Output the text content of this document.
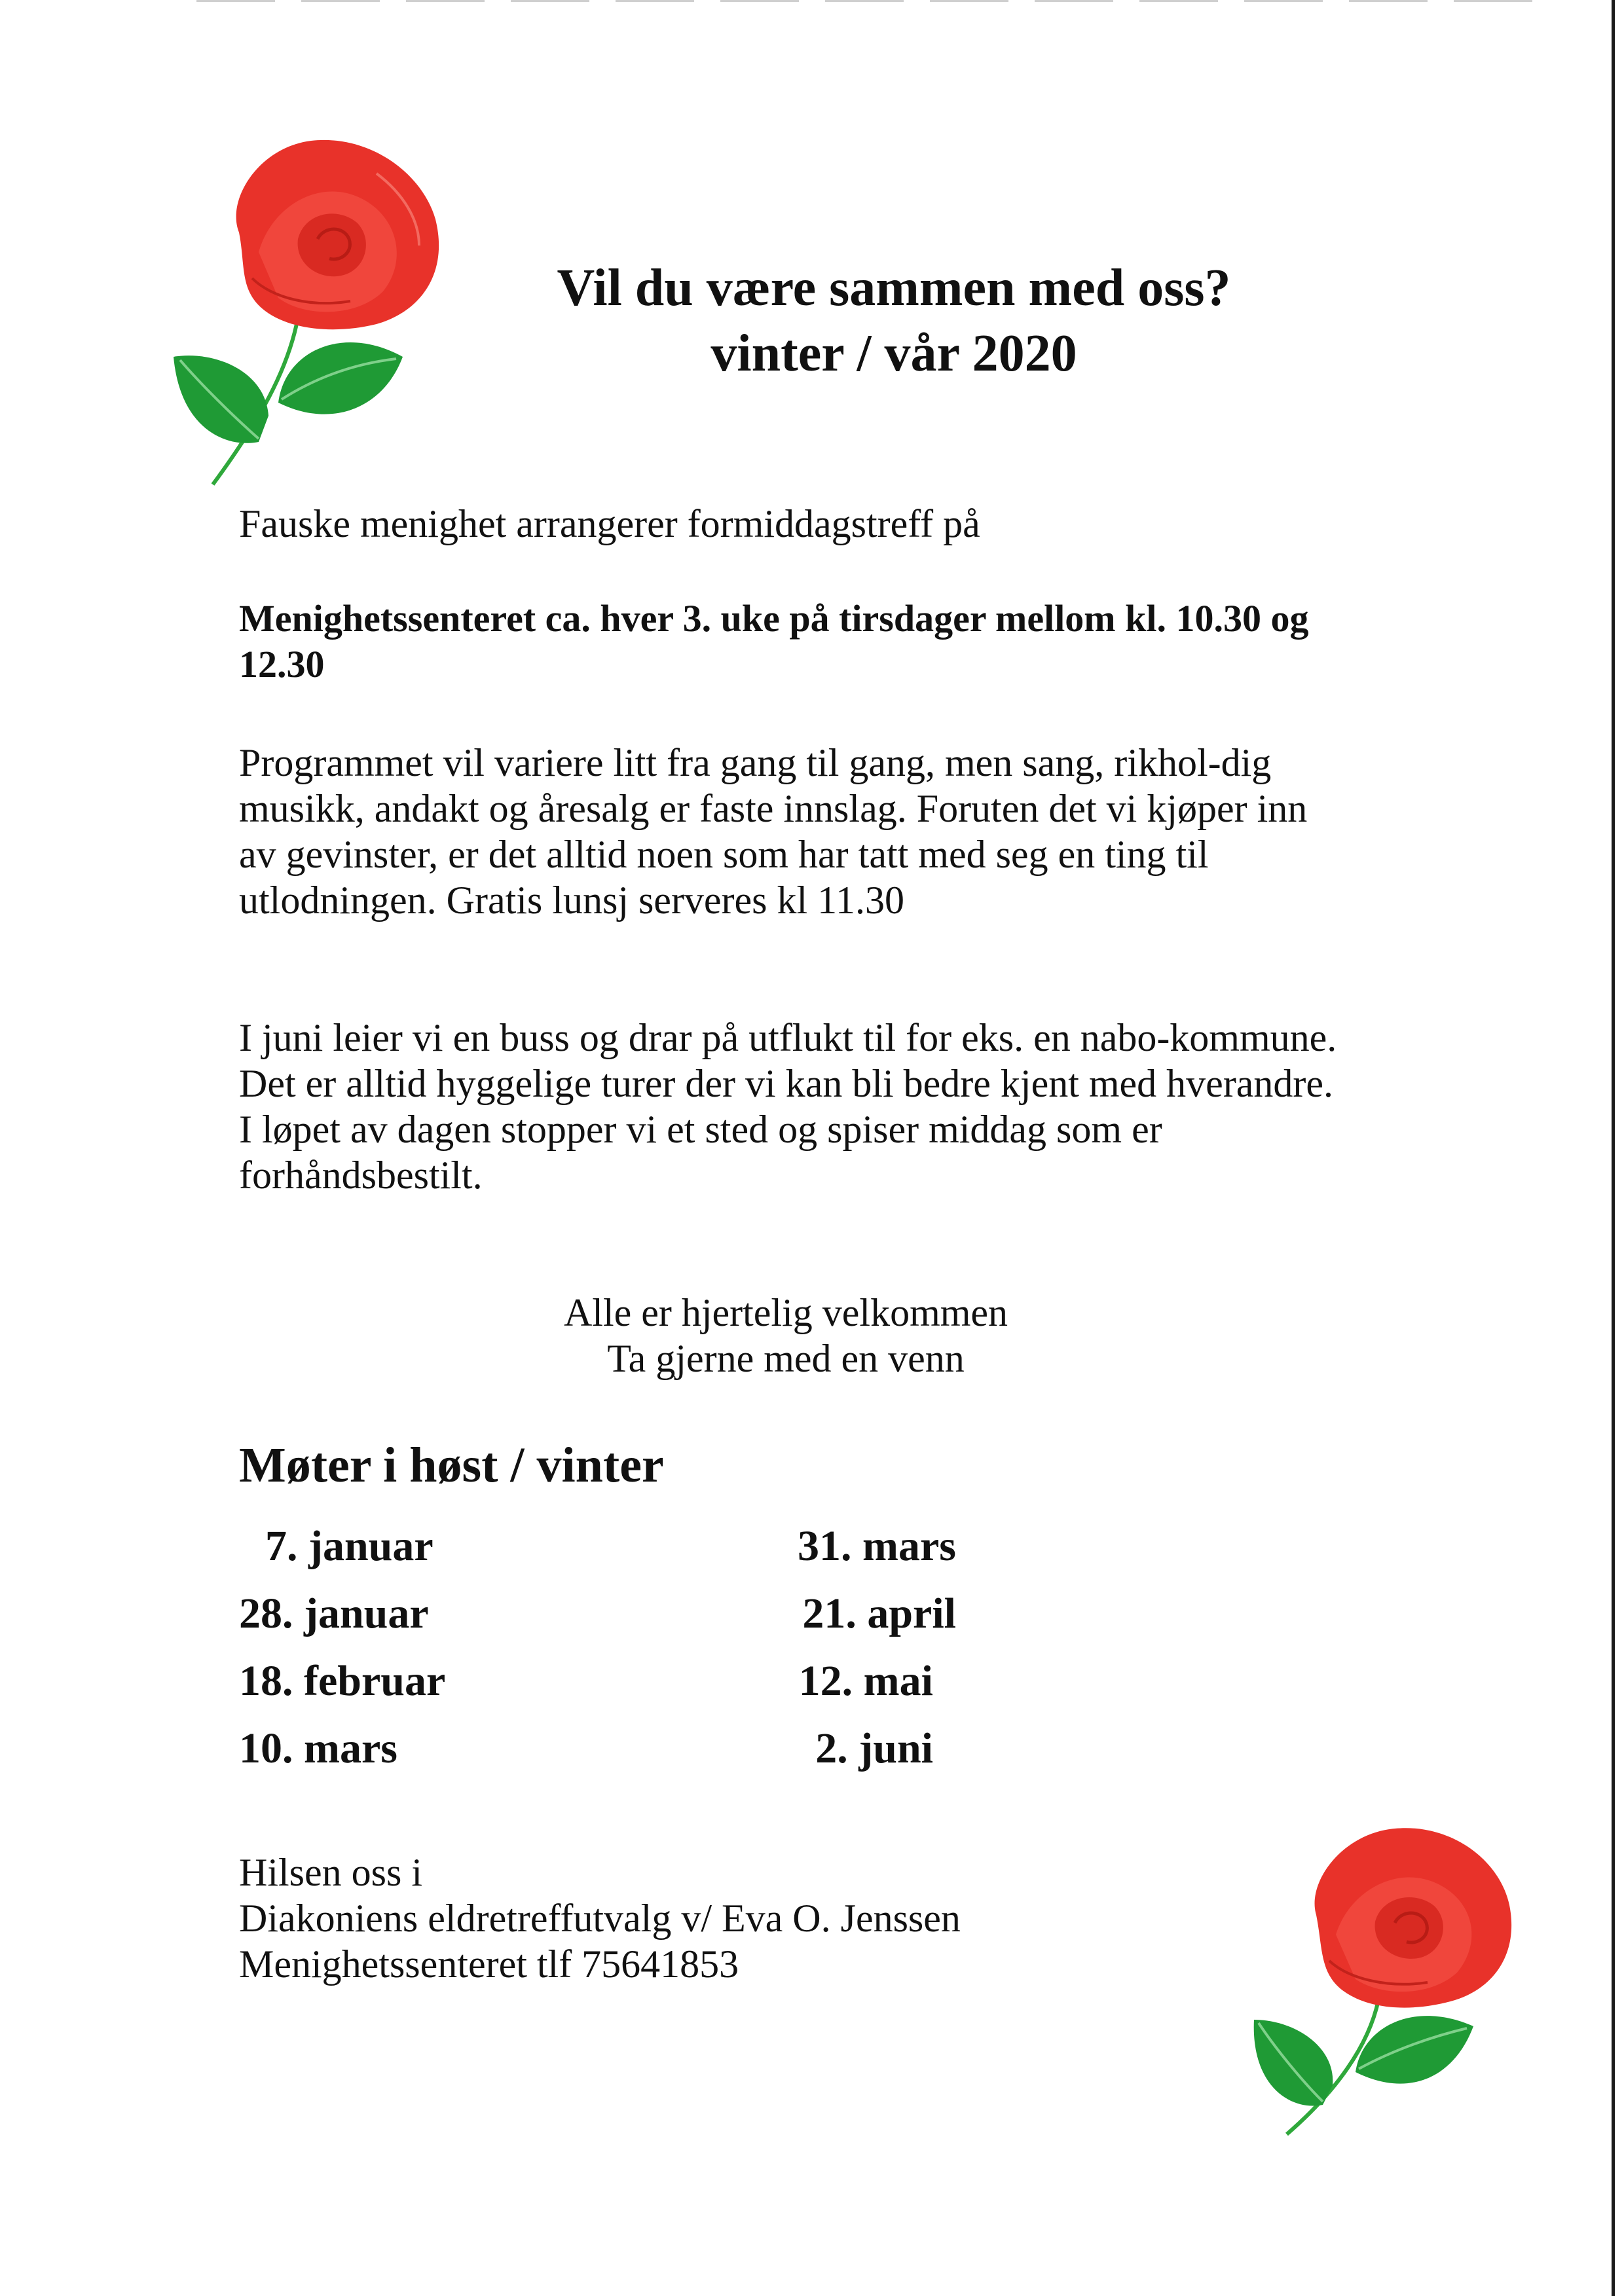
Vil du være sammen med oss?
vinter / vår 2020
Fauske menighet arrangerer formiddagstreff på
Menighetssenteret ca. hver 3. uke på tirsdager mellom kl. 10.30 og 12.30
Programmet vil variere litt fra gang til gang, men sang, rikhol-dig musikk, andakt og åresalg er faste innslag. Foruten det vi kjøper inn av gevinster, er det alltid noen som har tatt med seg en ting til utlodningen. Gratis lunsj serveres kl 11.30
I juni leier vi en buss og drar på utflukt til for eks. en nabo-kommune. Det er alltid hyggelige turer der vi kan bli bedre kjent med hverandre. I løpet av dagen stopper vi et sted og spiser middag som er forhåndsbestilt.
Alle er hjertelig velkommen
Ta gjerne med en venn
Møter i høst / vinter
7. januar
28. januar
18. februar
10. mars
31. mars
21. april
12. mai
2. juni
Hilsen oss i
Diakoniens eldretreffutvalg v/ Eva O. Jenssen
Menighetssenteret tlf 75641853
